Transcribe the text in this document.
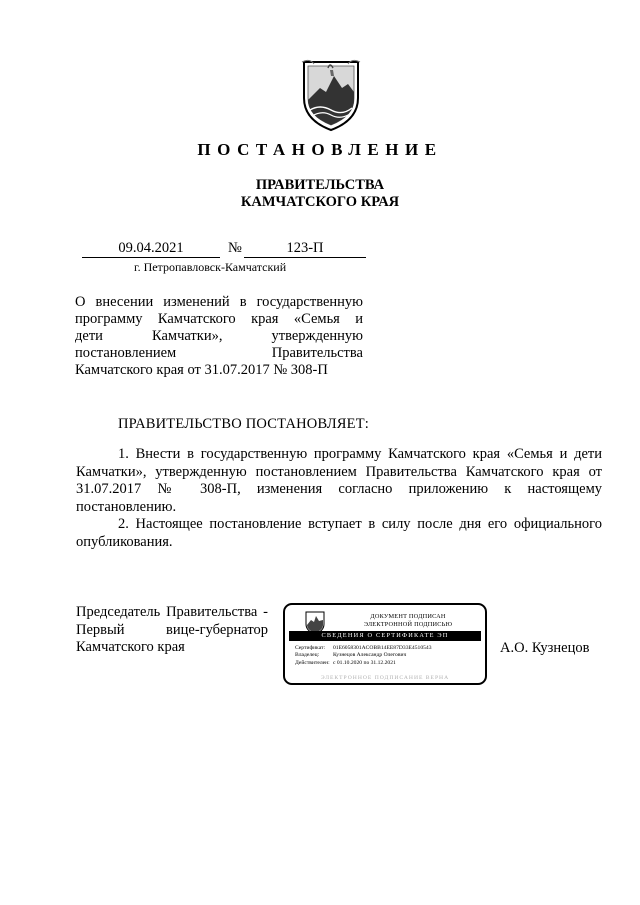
ПОСТАНОВЛЕНИЕ
ПРАВИТЕЛЬСТВА
КАМЧАТСКОГО КРАЯ
09.04.2021	№	123-П
г. Петропавловск-Камчатский
О внесении изменений в государственную
программу Камчатского края «Семья и
дети Камчатки», утвержденную
постановлением Правительства
Камчатского края от 31.07.2017 № 308-П
ПРАВИТЕЛЬСТВО ПОСТАНОВЛЯЕТ:

1. Внести в государственную программу Камчатского края «Семья и дети Камчатки», утвержденную постановлением Правительства Камчатского края от 31.07.2017 № 308-П, изменения согласно приложению к настоящему постановлению.

2. Настоящее постановление вступает в силу после дня его официального опубликования.

Председатель Правительства -
Первый вице-губернатор
Камчатского края
ДОКУМЕНТ ПОДПИСАН
ЭЛЕКТРОННОЙ ПОДПИСЬЮ
СВЕДЕНИЯ О СЕРТИФИКАТЕ ЭП
Сертификат:	01E6058301ACOBB14EE87D33E4510543
Владелец:	Кузнецов Александр Олегович
Действителен: с 01.10.2020 по 31.12.2021
ЭЛЕКТРОННОЕ ПОДПИСАНИЕ ВЕРНА
А.О. Кузнецов
